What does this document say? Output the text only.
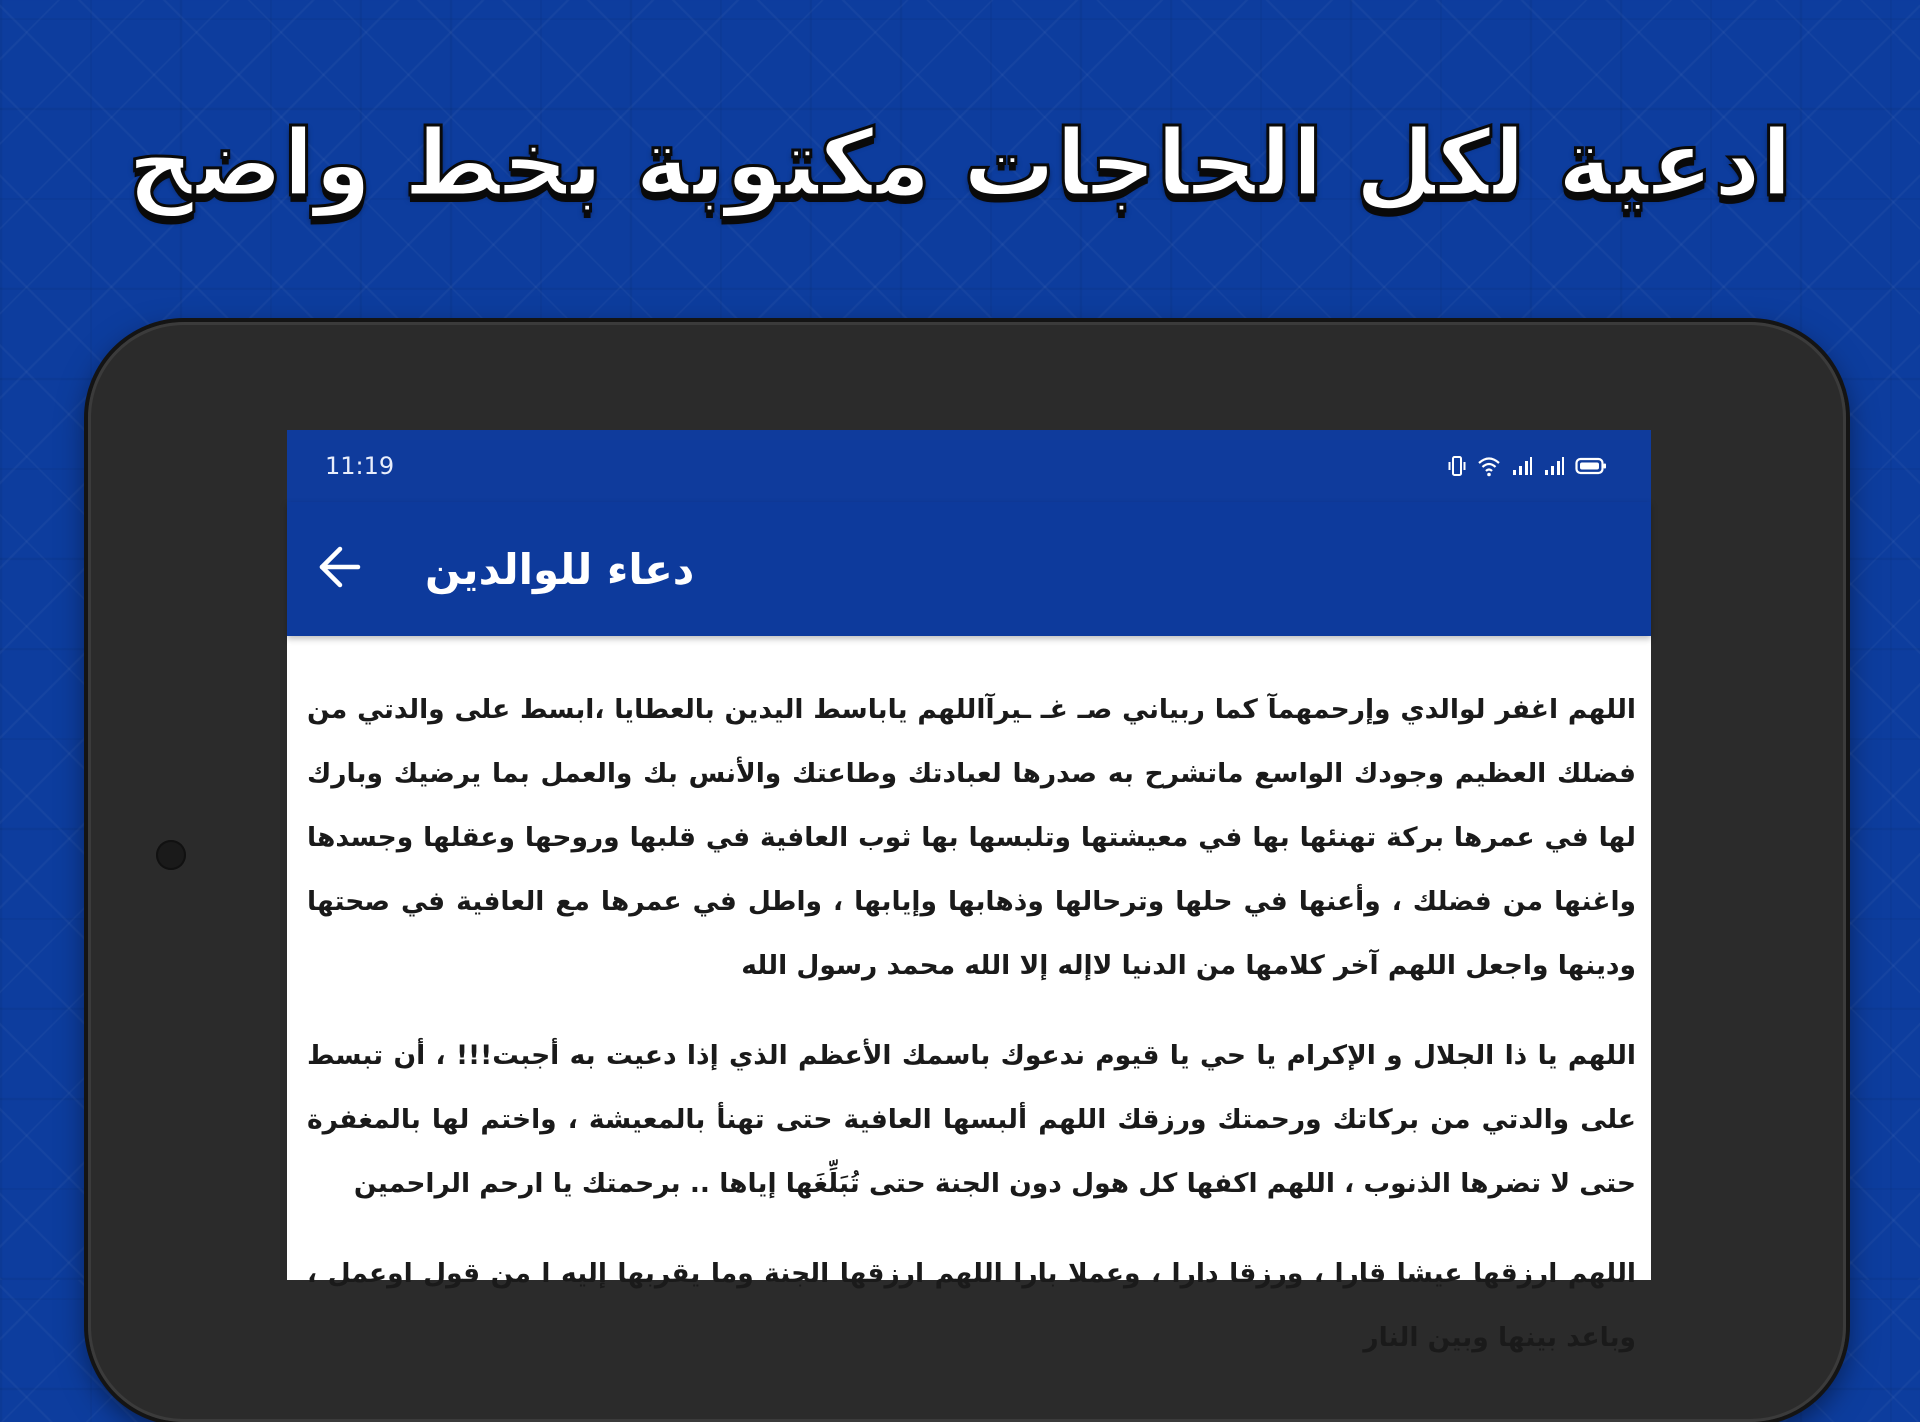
ادعية لكل الحاجات مكتوبة بخط واضح
11:19
دعاء للوالدين

اللهم اغفر لوالدي وإرحمهمآ كما ربياني صـ غـ ـيرآاللهم ياباسط اليدين بالعطايا ،ابسط على والدتي من فضلك العظيم وجودك الواسع ماتشرح به صدرها لعبادتك وطاعتك والأنس بك والعمل بما يرضيك وبارك لها في عمرها بركة تهنئها بها في معيشتها وتلبسها بها ثوب العافية في قلبها وروحها وعقلها وجسدها واغنها من فضلك ، وأعنها في حلها وترحالها وذهابها وإيابها ، واطل في عمرها مع العافية في صحتها ودينها واجعل اللهم آخر كلامها من الدنيا لاإله إلا الله محمد رسول الله

اللهم يا ذا الجلال و الإكرام يا حي يا قيوم ندعوك باسمك الأعظم الذي إذا دعيت به أجبت!!! ، أن تبسط على والدتي من بركاتك ورحمتك ورزقك اللهم ألبسها العافية حتى تهنأ بالمعيشة ، واختم لها بالمغفرة حتى لا تضرها الذنوب ، اللهم اكفها كل هول دون الجنة حتى تُبَلِّغَها إياها .. برحمتك يا ارحم الراحمين

اللهم ارزقها عيشا قارا ، ورزقا دارا ، وعملا بارا اللهم ارزقها الجنة وما يقربها إليه ا من قول اوعمل ، وباعد بينها وبين النار
